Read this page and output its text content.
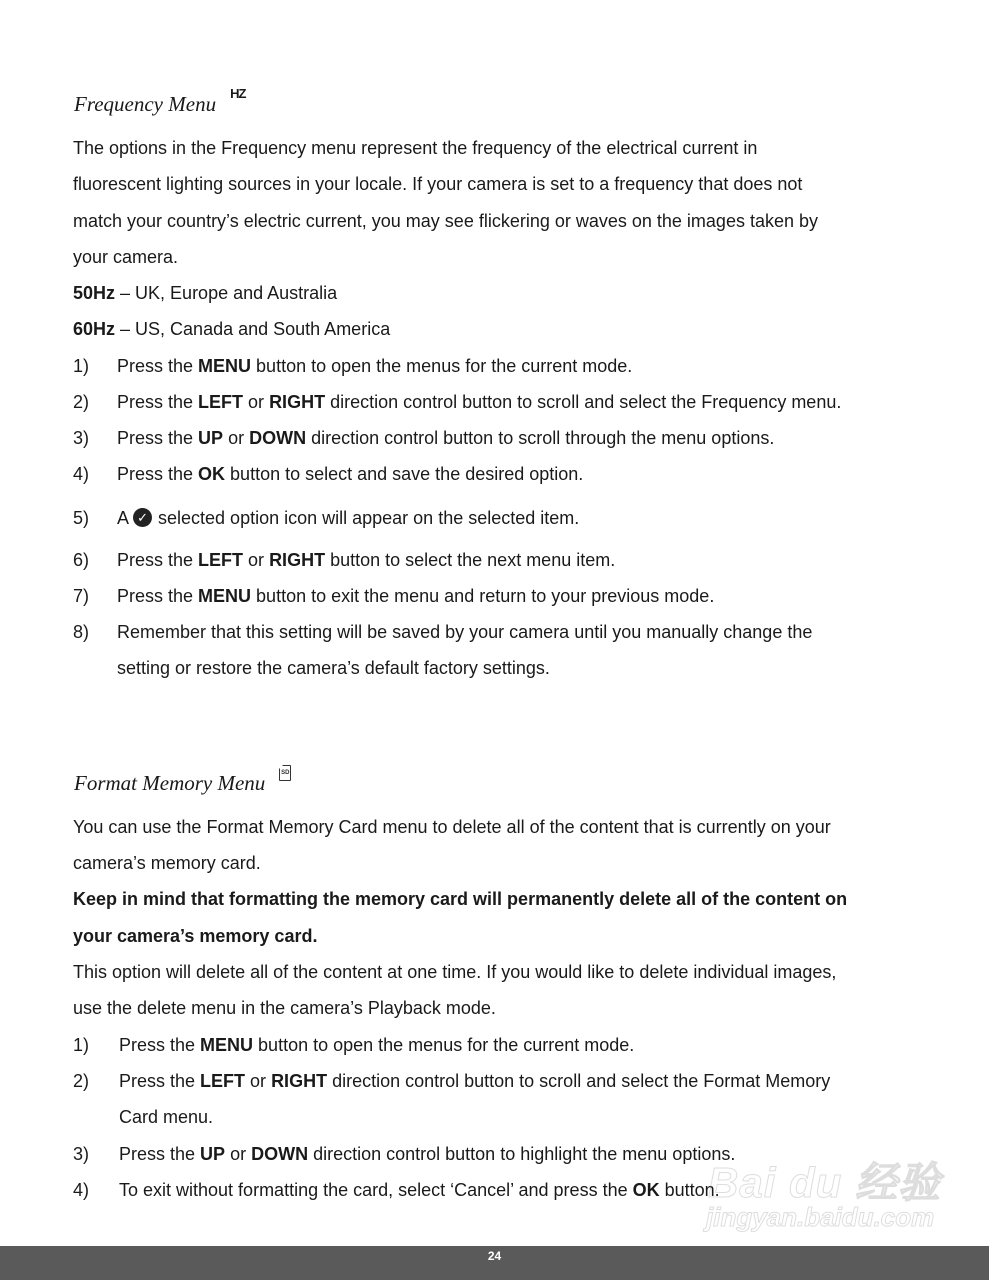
Frequency Menu HZ
The options in the Frequency menu represent the frequency of the electrical current in
fluorescent lighting sources in your locale. If your camera is set to a frequency that does not
match your country’s electric current, you may see flickering or waves on the images taken by
your camera.
50Hz – UK, Europe and Australia
60Hz – US, Canada and South America
1) Press the MENU button to open the menus for the current mode.
2) Press the LEFT or RIGHT direction control button to scroll and select the Frequency menu.
3) Press the UP or DOWN direction control button to scroll through the menu options.
4) Press the OK button to select and save the desired option.
5) A ✓ selected option icon will appear on the selected item.
6) Press the LEFT or RIGHT button to select the next menu item.
7) Press the MENU button to exit the menu and return to your previous mode.
8) Remember that this setting will be saved by your camera until you manually change the
setting or restore the camera’s default factory settings.
Format Memory Menu	SD
You can use the Format Memory Card menu to delete all of the content that is currently on your
camera’s memory card.
Keep in mind that formatting the memory card will permanently delete all of the content on
your camera’s memory card.
This option will delete all of the content at one time. If you would like to delete individual images,
use the delete menu in the camera’s Playback mode.
1) Press the MENU button to open the menus for the current mode.
2) Press the LEFT or RIGHT direction control button to scroll and select the Format Memory
Card menu.
3) Press the UP or DOWN direction control button to highlight the menu options.
4) To exit without formatting the card, select ‘Cancel’ and press the OK button.
Bai du 经验
jingyan.baidu.com
24
